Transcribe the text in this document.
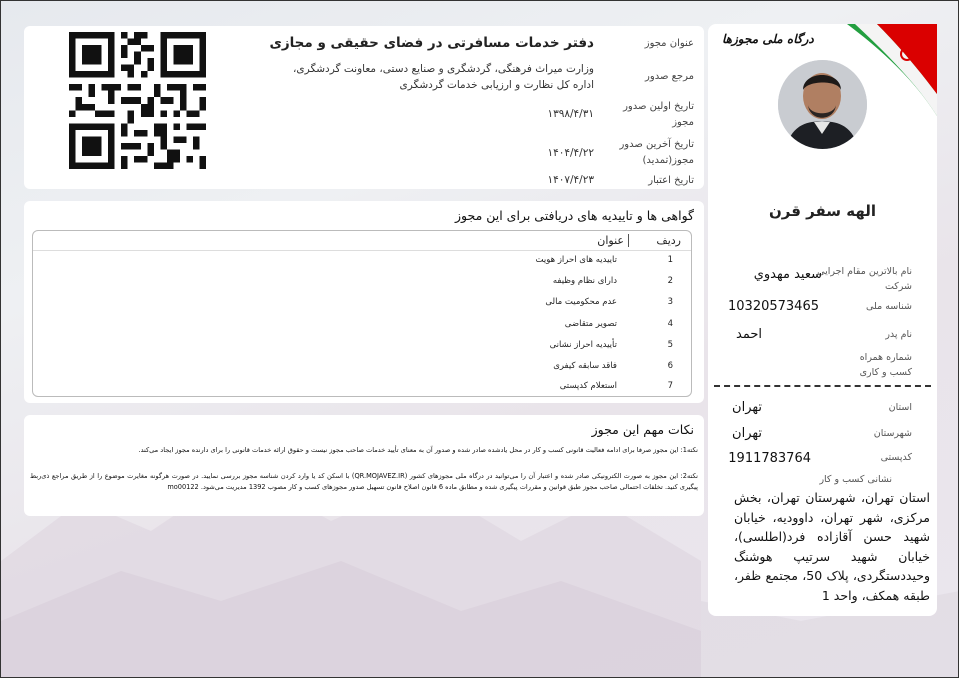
درگاه ملی مجوزها
الهه سفر قرن
نام بالاترین مقام اجرایی شرکت
سعید مهدوي
شناسه ملی
10320573465
نام پدر
احمد
شماره همراه کسب و کاری
استان
تهران
شهرستان
تهران
کدپستی
1911783764
نشانی کسب و کار
استان تهران، شهرستان تهران، بخش مرکزی، شهر تهران، داوودیه، خیابان شهید حسن آقازاده فرد(اطلسی)، خیابان شهید سرتیپ هوشنگ وحیددستگردی، پلاک 50، مجتمع ظفر، طبقه همکف، واحد 1
عنوان مجوز
دفتر خدمات مسافرتی در فضای حقیقی و مجازی
مرجع صدور
وزارت میراث فرهنگی، گردشگری و صنایع دستی، معاونت گردشگری، اداره کل نظارت و ارزیابی خدمات گردشگری
تاریخ اولین صدور مجوز
۱۳۹۸/۴/۳۱
تاریخ آخرین صدور مجوز(تمدید)
۱۴۰۴/۴/۲۲
تاریخ اعتبار
۱۴۰۷/۴/۲۳
گواهی ها و تاییدیه های دریافتی برای این مجوز
ردیف
عنوان
1
تاییدیه های احراز هویت
2
دارای نظام وظیفه
3
عدم محکومیت مالی
4
تصویر متقاضی
5
تأییدیه احراز نشانی
6
فاقد سابقه کیفری
7
استعلام کدپستی
نکات مهم این مجوز
نکته1: این مجوز صرفا برای ادامه فعالیت قانونی کسب و کار در محل یادشده صادر شده و صدور آن به معنای تأیید خدمات صاحب مجوز نیست و حقوق ارائه خدمات قانونی را برای دارنده مجوز ایجاد می‌کند.
نکته2: این مجوز به صورت الکترونیکی صادر شده و اعتبار آن را می‌توانید در درگاه ملی مجوزهای کشور (QR.MOJAVEZ.IR) با اسکن کد یا وارد کردن شناسه مجوز بررسی نمایید. در صورت هرگونه مغایرت موضوع را از طریق مراجع ذی‌ربط پیگیری کنید. تخلفات احتمالی صاحب مجوز طبق قوانین و مقررات پیگیری شده و مطابق ماده 6 قانون اصلاح قانون تسهیل صدور مجوزهای کسب و کار مصوب 1392 مدیریت می‌شود. mo00122
